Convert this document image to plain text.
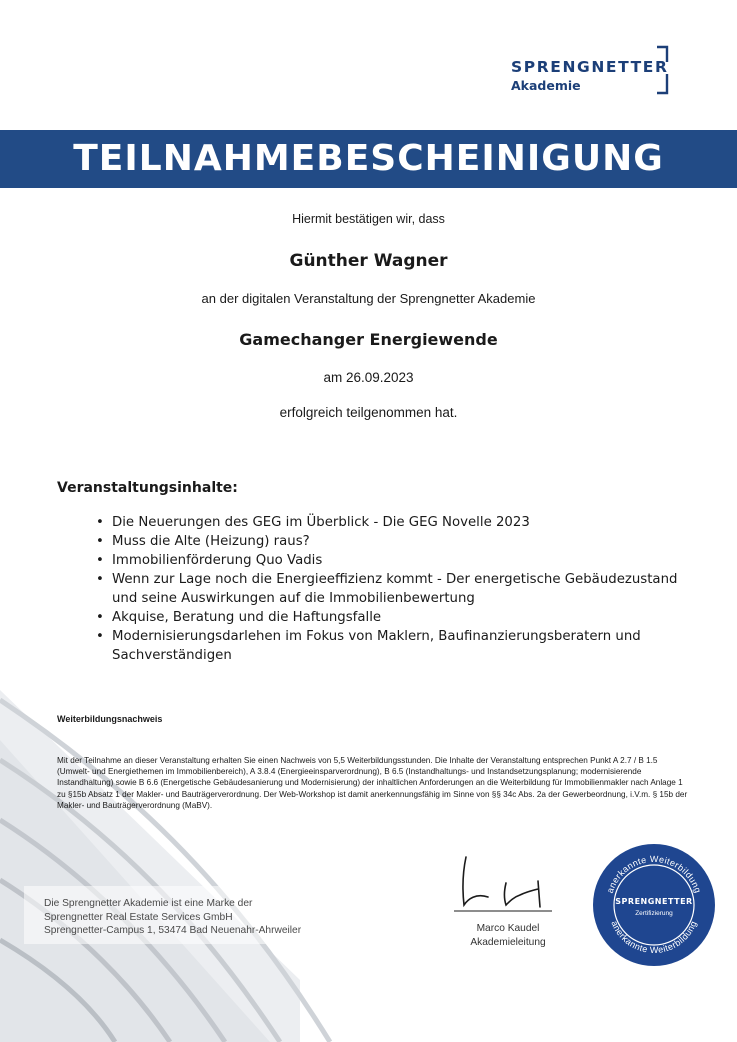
SPRENGNETTER
Akademie
TEILNAHMEBESCHEINIGUNG
Hiermit bestätigen wir, dass
Günther Wagner
an der digitalen Veranstaltung der Sprengnetter Akademie
Gamechanger Energiewende
am 26.09.2023
erfolgreich teilgenommen hat.
Veranstaltungsinhalte:
• Die Neuerungen des GEG im Überblick - Die GEG Novelle 2023
• Muss die Alte (Heizung) raus?
• Immobilienförderung Quo Vadis
• Wenn zur Lage noch die Energieeffizienz kommt - Der energetische Gebäudezustand und seine Auswirkungen auf die Immobilienbewertung
• Akquise, Beratung und die Haftungsfalle
• Modernisierungsdarlehen im Fokus von Maklern, Baufinanzierungsberatern und Sachverständigen
Weiterbildungsnachweis
Mit der Teilnahme an dieser Veranstaltung erhalten Sie einen Nachweis von 5,5 Weiterbildungsstunden. Die Inhalte der Veranstaltung entsprechen Punkt A 2.7 / B 1.5 (Umwelt- und Energiethemen im Immobilienbereich), A 3.8.4 (Energieeinsparverordnung), B 6.5 (Instandhaltungs- und Instandsetzungsplanung; modernisierende Instandhaltung) sowie B 6.6 (Energetische Gebäudesanierung und Modernisierung) der inhaltlichen Anforderungen an die Weiterbildung für Immobilienmakler nach Anlage 1 zu §15b Absatz 1 der Makler- und Bauträgerverordnung. Der Web-Workshop ist damit anerkennungsfähig im Sinne von §§ 34c Abs. 2a der Gewerbeordnung, i.V.m. § 15b der Makler- und Bauträgerverordnung (MaBV).
Die Sprengnetter Akademie ist eine Marke der
Sprengnetter Real Estate Services GmbH
Sprengnetter-Campus 1, 53474 Bad Neuenahr-Ahrweiler	Marco Kaudel
Akademieleitung
anerkannte Weiterbildung
anerkannte Weiterbildung
SPRENGNETTER
Zertifizierung
